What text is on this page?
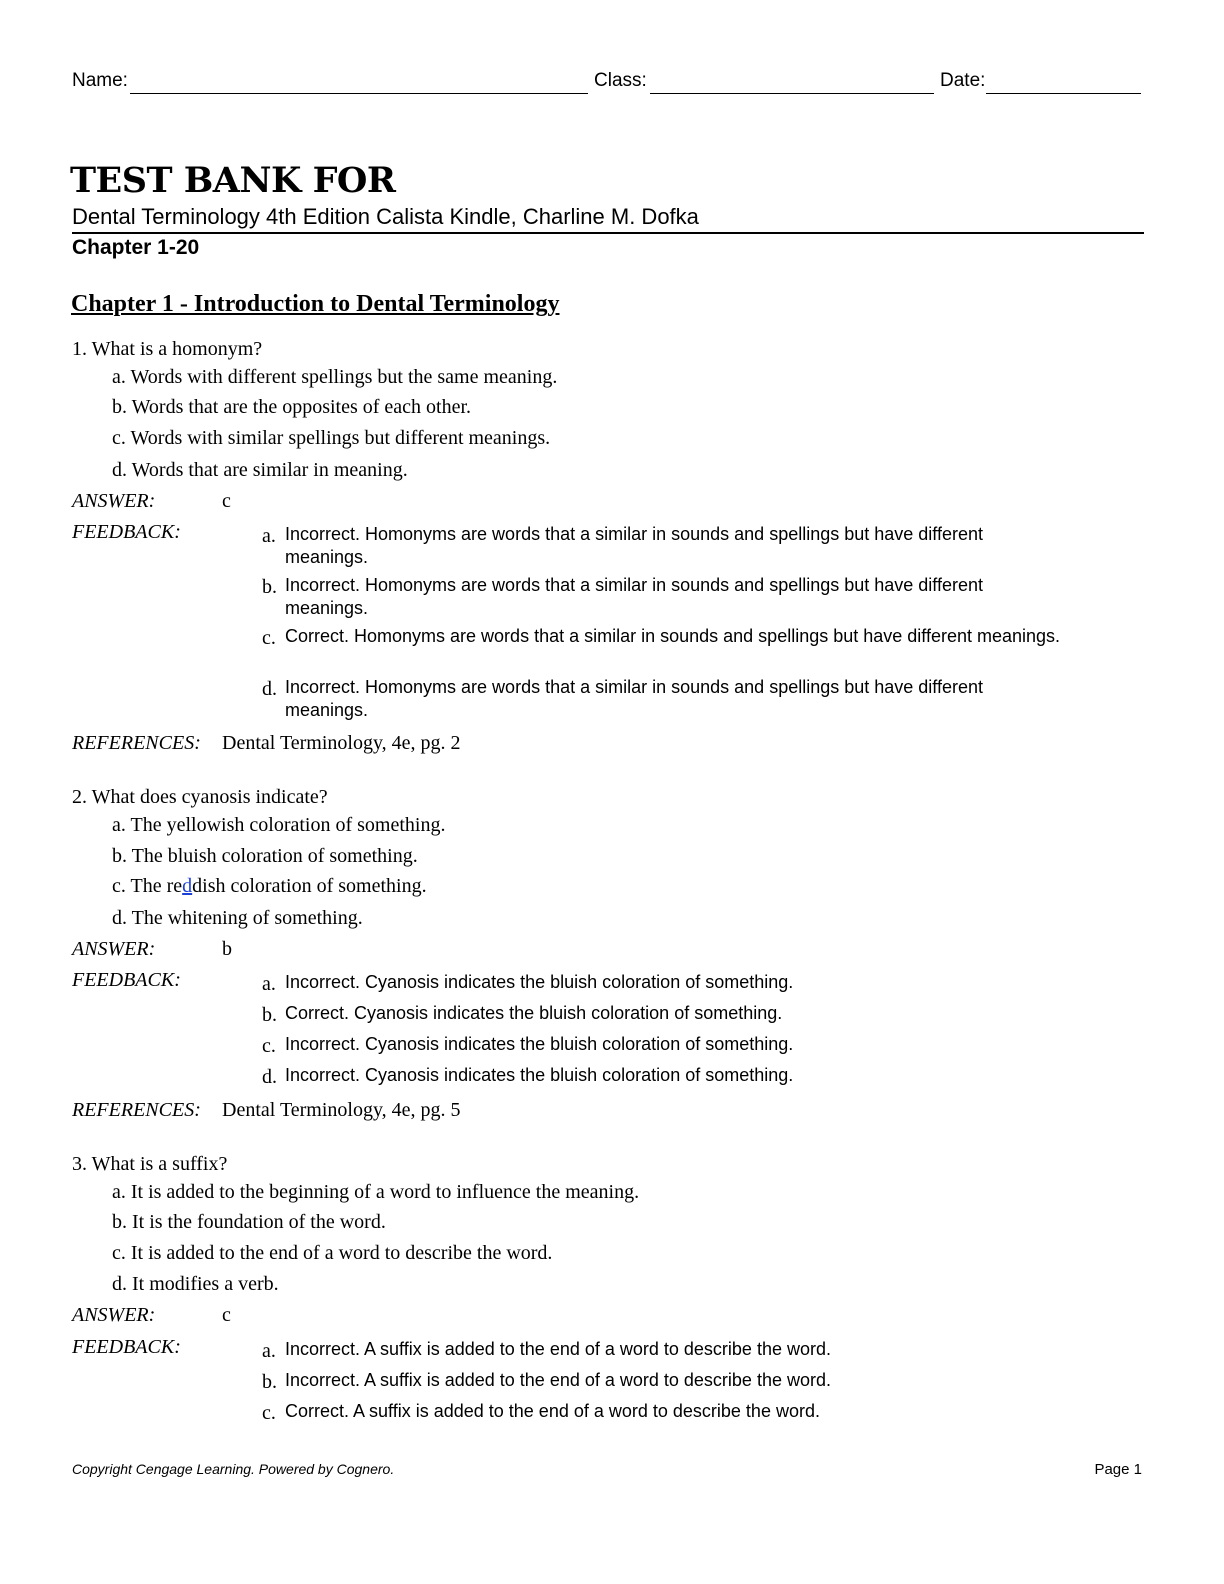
Name:	Class:	Date:
TEST BANK FOR
Dental Terminology 4th Edition Calista Kindle, Charline M. Dofka
Chapter 1-20
Chapter 1 - Introduction to Dental Terminology
1. What is a homonym?
a. Words with different spellings but the same meaning.
b. Words that are the opposites of each other.
c. Words with similar spellings but different meanings.
d. Words that are similar in meaning.
ANSWER:	c
FEEDBACK:	a. Incorrect. Homonyms are words that a similar in sounds and spellings but have different meanings.
b. Incorrect. Homonyms are words that a similar in sounds and spellings but have different meanings.
c. Correct. Homonyms are words that a similar in sounds and spellings but have different meanings.
d. Incorrect. Homonyms are words that a similar in sounds and spellings but have different meanings.
REFERENCES: Dental Terminology, 4e, pg. 2
2. What does cyanosis indicate?
a. The yellowish coloration of something.
b. The bluish coloration of something.
c. The reddish coloration of something.
d. The whitening of something.
ANSWER:	b
FEEDBACK:	a. Incorrect. Cyanosis indicates the bluish coloration of something.
b. Correct. Cyanosis indicates the bluish coloration of something.
c. Incorrect. Cyanosis indicates the bluish coloration of something.
d. Incorrect. Cyanosis indicates the bluish coloration of something.
REFERENCES: Dental Terminology, 4e, pg. 5
3. What is a suffix?
a. It is added to the beginning of a word to influence the meaning.
b. It is the foundation of the word.
c. It is added to the end of a word to describe the word.
d. It modifies a verb.
ANSWER:	c
FEEDBACK:	a. Incorrect. A suffix is added to the end of a word to describe the word.
b. Incorrect. A suffix is added to the end of a word to describe the word.
c. Correct. A suffix is added to the end of a word to describe the word.
Copyright Cengage Learning. Powered by Cognero.	Page 1
